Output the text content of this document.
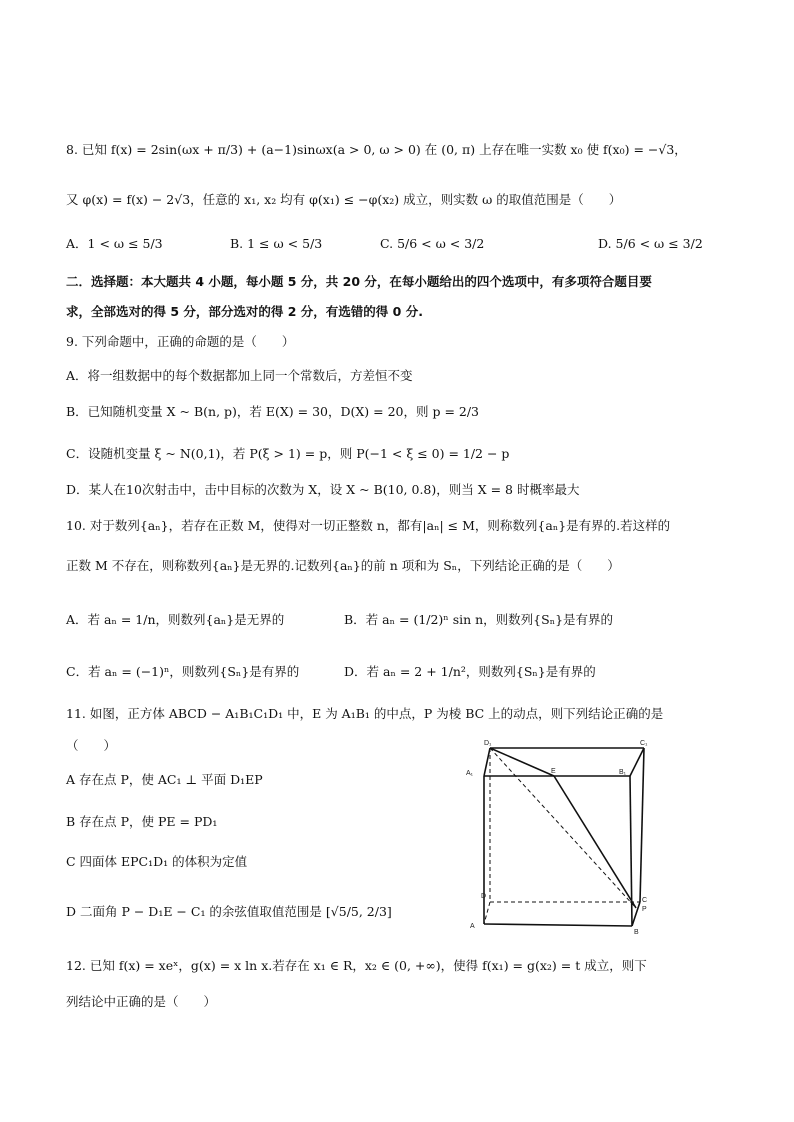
8. 已知 f(x) = 2sin(ωx + π/3) + (a−1)sinωx(a > 0, ω > 0) 在 (0, π) 上存在唯一实数 x₀ 使 f(x₀) = −√3，
又 φ(x) = f(x) − 2√3，任意的 x₁, x₂ 均有 φ(x₁) ≤ −φ(x₂) 成立，则实数 ω 的取值范围是（　　）
A．1 < ω ≤ 5/3	B. 1 ≤ ω < 5/3	C. 5/6 < ω < 3/2	D. 5/6 < ω ≤ 3/2
二．选择题：本大题共 4 小题，每小题 5 分，共 20 分，在每小题给出的四个选项中，有多项符合题目要
求，全部选对的得 5 分，部分选对的得 2 分，有选错的得 0 分.
9. 下列命题中，正确的命题的是（　　）
A．将一组数据中的每个数据都加上同一个常数后，方差恒不变
B．已知随机变量 X ~ B(n, p)，若 E(X) = 30，D(X) = 20，则 p = 2/3
C．设随机变量 ξ ~ N(0,1)，若 P(ξ > 1) = p，则 P(−1 < ξ ≤ 0) = 1/2 − p
D．某人在10次射击中，击中目标的次数为 X，设 X ~ B(10, 0.8)，则当 X = 8 时概率最大
10. 对于数列{aₙ}，若存在正数 M，使得对一切正整数 n，都有|aₙ| ≤ M，则称数列{aₙ}是有界的.若这样的
正数 M 不存在，则称数列{aₙ}是无界的.记数列{aₙ}的前 n 项和为 Sₙ，下列结论正确的是（　　）
A．若 aₙ = 1/n，则数列{aₙ}是无界的	B．若 aₙ = (1/2)ⁿ sin n，则数列{Sₙ}是有界的
C．若 aₙ = (−1)ⁿ，则数列{Sₙ}是有界的	D．若 aₙ = 2 + 1/n²，则数列{Sₙ}是有界的
11. 如图，正方体 ABCD − A₁B₁C₁D₁ 中，E 为 A₁B₁ 的中点，P 为棱 BC 上的动点，则下列结论正确的是
（　　）
A 存在点 P，使 AC₁ ⊥ 平面 D₁EP
B 存在点 P，使 PE = PD₁
C 四面体 EPC₁D₁ 的体积为定值
D 二面角 P − D₁E − C₁ 的余弦值取值范围是 [√5/5, 2/3]
D₁	C₁
A₁	E	B₁
D
C
P
A
B
12. 已知 f(x) = xeˣ，g(x) = x ln x.若存在 x₁ ∈ R，x₂ ∈ (0, +∞)，使得 f(x₁) = g(x₂) = t 成立，则下
列结论中正确的是（　　）
